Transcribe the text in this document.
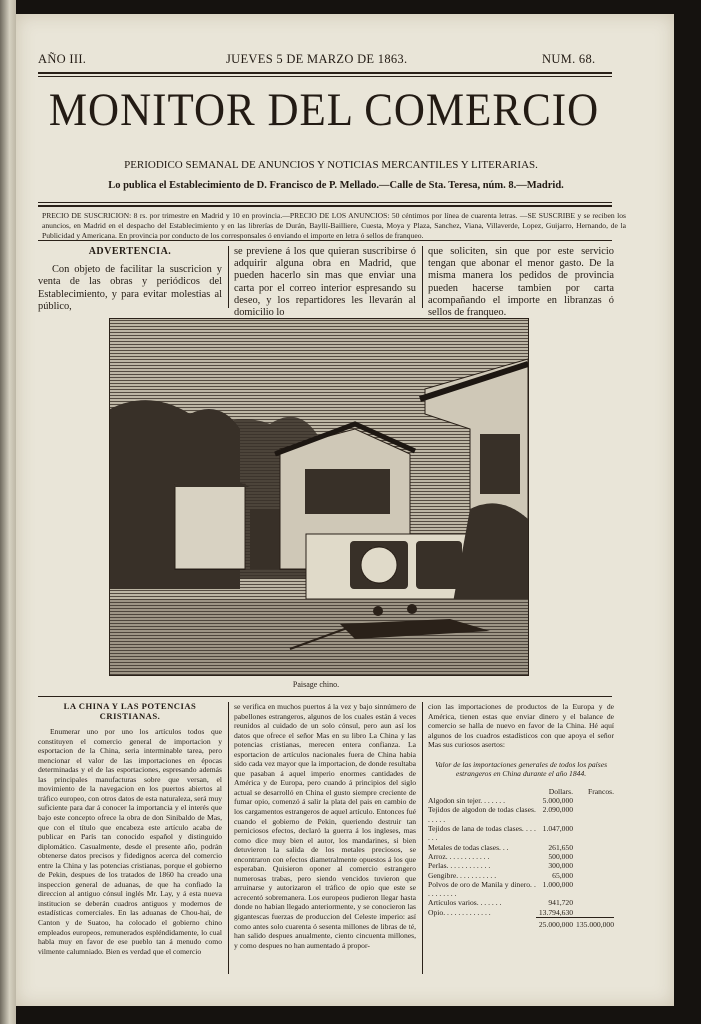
AÑO III.	JUEVES 5 DE MARZO DE 1863.	NUM. 68.
MONITOR DEL COMERCIO
PERIODICO SEMANAL DE ANUNCIOS Y NOTICIAS MERCANTILES Y LITERARIAS.
Lo publica el Establecimiento de D. Francisco de P. Mellado.—Calle de Sta. Teresa, núm. 8.—Madrid.
PRECIO DE SUSCRICION: 8 rs. por trimestre en Madrid y 10 en provincia.—PRECIO DE LOS ANUNCIOS: 50 céntimos por línea de cuarenta letras. —SE SUSCRIBE y se reciben los anuncios, en Madrid en el despacho del Establecimiento y en las librerías de Durán, Bayllí-Bailliere, Cuesta, Moya y Plaza, Sanchez, Viana, Villaverde, Lopez, Guijarro, Hernando, de la Publicidad y Americana. En provincia por conducto de los corresponsales ó enviando el importe en letra ó sellos de franqueo.
ADVERTENCIA.

Con objeto de facilitar la suscricion y venta de las obras y periódicos del Establecimiento, y para evitar molestias al público,

se previene á los que quieran suscribirse ó adquirir alguna obra en Madrid, que pueden hacerlo sin mas que enviar una carta por el correo interior espresando su deseo, y los repartidores les llevarán al domicilio lo

que soliciten, sin que por este servicio tengan que abonar el menor gasto. De la misma manera los pedidos de provincia pueden hacerse tambien por carta acompañando el importe en libranzas ó sellos de franqueo.

Paisage chino.
LA CHINA Y LAS POTENCIAS CRISTIANAS.

Enumerar uno por uno los artículos todos que constituyen el comercio general de importacion y esportacion de la China, seria interminable tarea, pero mencionar el valor de las importaciones en épocas determinadas y el de las esportaciones, espresando además las principales manufacturas sobre que versan, el movimiento de la navegacion en los puertos abiertos al tráfico europeo, con otros datos de esta naturaleza, será muy suficiente para dar á conocer la importancia y el interés que bajo este concepto ofrece la obra de don Sinibaldo de Mas, que con el título que encabeza este artículo acaba de publicar en París tan conocido español y distinguido diplomático. Casualmente, desde el presente año, podrán obtenerse datos precisos y fidedignos acerca del comercio entre la China y las potencias cristianas, porque el gobierno de Pekin, despues de los tratados de 1860 ha creado una inspeccion general de aduanas, de que ha confiado la direccion al antiguo cónsul inglés Mr. Lay, y á esta nueva institucion se deberán cuadros antiguos y modernos de estadísticas comerciales. En las aduanas de Chou-hai, de Canton y de Suatoo, ha colocado el gobierno chino empleados europeos, remunerados espléndidamente, lo cual habla muy en favor de ese pueblo tan á menudo como vilmente calumniado. Bien es verdad que el comercio

se verifica en muchos puertos á la vez y bajo sinnúmero de pabellones estrangeros, algunos de los cuales están á veces reunidos al cuidado de un solo cónsul, pero aun así los datos que ofrece el señor Mas en su libro La China y las potencias cristianas, merecen entera confianza. La esportacion de artículos nacionales fuera de China habia sido cada vez mayor que la importacion, de donde resultaba que pasaban á aquel imperio enormes cantidades de América y de Europa, pero cuando á principios del siglo actual se desarrolló en China el gusto siempre creciente de fumar opio, comenzó á salir la plata del pais en cambio de los cargamentos estrangeros de aquel artículo. Entonces fué cuando el gobierno de Pekin, queriendo destruir tan perniciosos efectos, declaró la guerra á los ingleses, mas como dice muy bien el autor, los mandarines, si bien detuvieron la salida de los metales preciosos, se encontraron con efectos diametralmente opuestos á los que esperaban. Quisieron oponer al comercio estrangero numerosas trabas, pero siendo vencidos tuvieron que arruinarse y autorizaron el tráfico de opio que este se acrecentó sobremanera. Los europeos pudieron llegar hasta donde no habian llegado anteriormente, y se conocieron las gigantescas fuerzas de produccion del Celeste imperio: así como antes solo cuarenta ó sesenta millones de libras de té, han salido despues anualmente, ciento cincuenta millones, y como despues no han aumentado á propor-

cion las importaciones de productos de la Europa y de América, tienen estas que enviar dinero y el balance de comercio se halla de nuevo en favor de la China. Hé aquí algunos de los cuadros estadísticos con que apoya el señor Mas sus curiosos asertos:

Valor de las importaciones generales de todos los países estrangeros en China durante el año 1844.

	Dollars.	Francos.
Algodon sin tejer. . . . . . .	5.000,000	
Tejidos de algodon de todas clases. . . . . .	2.090,000	
Tejidos de lana de todas clases. . . . . . .	1.047,000	
Metales de todas clases. . .	261,650	
Arroz. . . . . . . . . . . .	500,000	
Perlas. . . . . . . . . . . .	300,000	
Gengibre. . . . . . . . . . .	65,000	
Polvos de oro de Manila y dinero. . . . . . . . . .	1.000,000	
Artículos varios. . . . . . .	941,720	
Opio. . . . . . . . . . . . .	13.794,630	
	25.000,000	135.000,000
